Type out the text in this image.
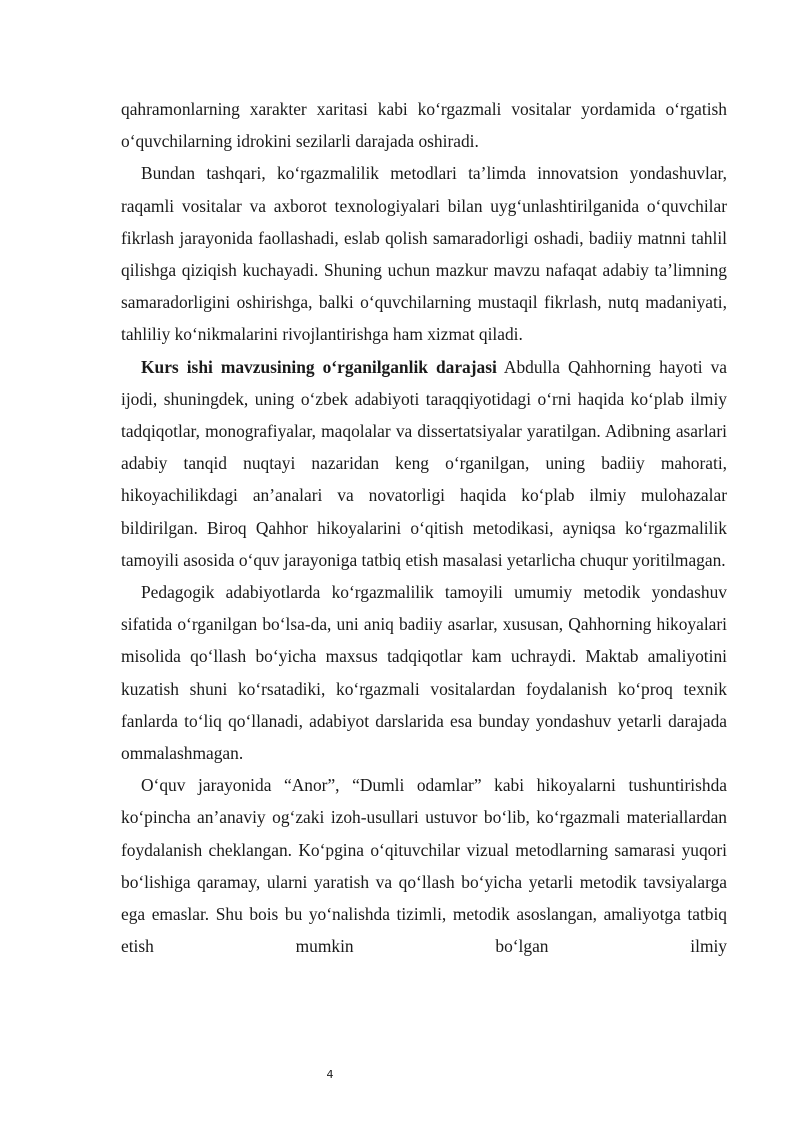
qahramonlarning xarakter xaritasi kabi ko‘rgazmali vositalar yordamida o‘rgatish o‘quvchilarning idrokini sezilarli darajada oshiradi.

Bundan tashqari, ko‘rgazmalilik metodlari ta’limda innovatsion yondashuvlar, raqamli vositalar va axborot texnologiyalari bilan uyg‘unlashtirilganida o‘quvchilar fikrlash jarayonida faollashadi, eslab qolish samaradorligi oshadi, badiiy matnni tahlil qilishga qiziqish kuchayadi. Shuning uchun mazkur mavzu nafaqat adabiy ta’limning samaradorligini oshirishga, balki o‘quvchilarning mustaqil fikrlash, nutq madaniyati, tahliliy ko‘nikmalarini rivojlantirishga ham xizmat qiladi.

Kurs ishi mavzusining o‘rganilganlik darajasi Abdulla Qahhorning hayoti va ijodi, shuningdek, uning o‘zbek adabiyoti taraqqiyotidagi o‘rni haqida ko‘plab ilmiy tadqiqotlar, monografiyalar, maqolalar va dissertatsiyalar yaratilgan. Adibning asarlari adabiy tanqid nuqtayi nazaridan keng o‘rganilgan, uning badiiy mahorati, hikoyachilikdagi an’analari va novatorligi haqida ko‘plab ilmiy mulohazalar bildirilgan. Biroq Qahhor hikoyalarini o‘qitish metodikasi, ayniqsa ko‘rgazmalilik tamoyili asosida o‘quv jarayoniga tatbiq etish masalasi yetarlicha chuqur yoritilmagan.

Pedagogik adabiyotlarda ko‘rgazmalilik tamoyili umumiy metodik yondashuv sifatida o‘rganilgan bo‘lsa-da, uni aniq badiiy asarlar, xususan, Qahhorning hikoyalari misolida qo‘llash bo‘yicha maxsus tadqiqotlar kam uchraydi. Maktab amaliyotini kuzatish shuni ko‘rsatadiki, ko‘rgazmali vositalardan foydalanish ko‘proq texnik fanlarda to‘liq qo‘llanadi, adabiyot darslarida esa bunday yondashuv yetarli darajada ommalashmagan.

O‘quv jarayonida “Anor”, “Dumli odamlar” kabi hikoyalarni tushuntirishda ko‘pincha an’anaviy og‘zaki izoh-usullari ustuvor bo‘lib, ko‘rgazmali materiallardan foydalanish cheklangan. Ko‘pgina o‘qituvchilar vizual metodlarning samarasi yuqori bo‘lishiga qaramay, ularni yaratish va qo‘llash bo‘yicha yetarli metodik tavsiyalarga ega emaslar. Shu bois bu yo‘nalishda tizimli, metodik asoslangan, amaliyotga tatbiq etish mumkin bo‘lgan ilmiy

4
